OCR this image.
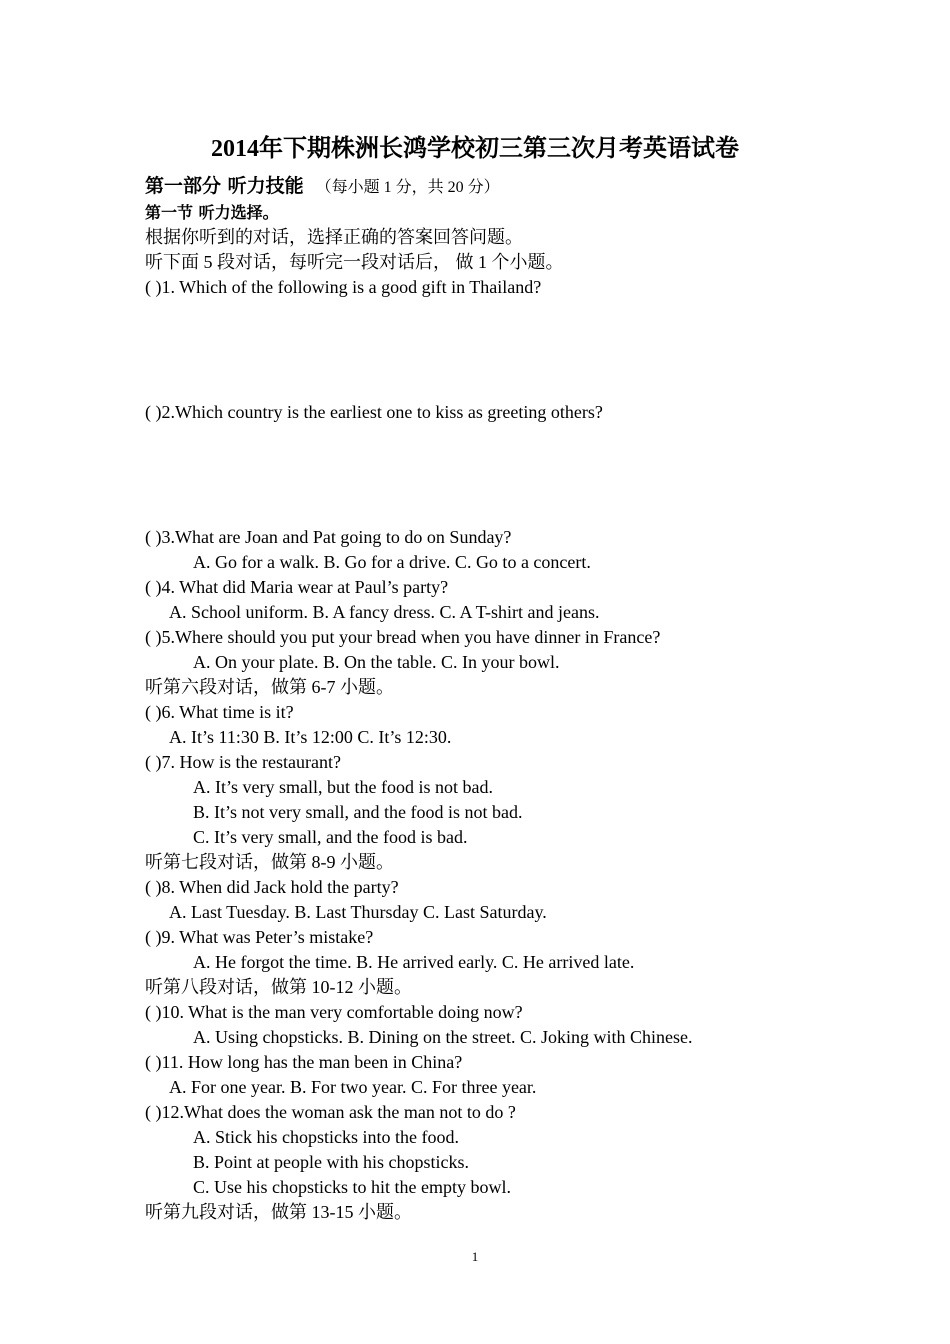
2014年下期株洲长鸿学校初三第三次月考英语试卷
第一部分 听力技能 （每小题 1 分，共 20 分）
第一节 听力选择。
根据你听到的对话，选择正确的答案回答问题。
听下面 5 段对话，每听完一段对话后， 做 1 个小题。
( )1. Which of the following is a good gift in Thailand?
( )2.Which country is the earliest one to kiss as greeting others?
( )3.What are Joan and Pat going to do on Sunday?
A. Go for a walk. B. Go for a drive. C. Go to a concert.
( )4. What did Maria wear at Paul’s party?
A. School uniform. B. A fancy dress. C. A T-shirt and jeans.
( )5.Where should you put your bread when you have dinner in France?
A. On your plate. B. On the table. C. In your bowl.
听第六段对话，做第 6-7 小题。
( )6. What time is it?
A. It’s 11:30 B. It’s 12:00 C. It’s 12:30.
( )7. How is the restaurant?
A. It’s very small, but the food is not bad.
B. It’s not very small, and the food is not bad.
C. It’s very small, and the food is bad.
听第七段对话，做第 8-9 小题。
( )8. When did Jack hold the party?
A. Last Tuesday. B. Last Thursday C. Last Saturday.
( )9. What was Peter’s mistake?
A. He forgot the time. B. He arrived early. C. He arrived late.
听第八段对话，做第 10-12 小题。
( )10. What is the man very comfortable doing now?
A. Using chopsticks. B. Dining on the street. C. Joking with Chinese.
( )11. How long has the man been in China?
A. For one year. B. For two year. C. For three year.
( )12.What does the woman ask the man not to do ?
A. Stick his chopsticks into the food.
B. Point at people with his chopsticks.
C. Use his chopsticks to hit the empty bowl.
听第九段对话，做第 13-15 小题。
1
